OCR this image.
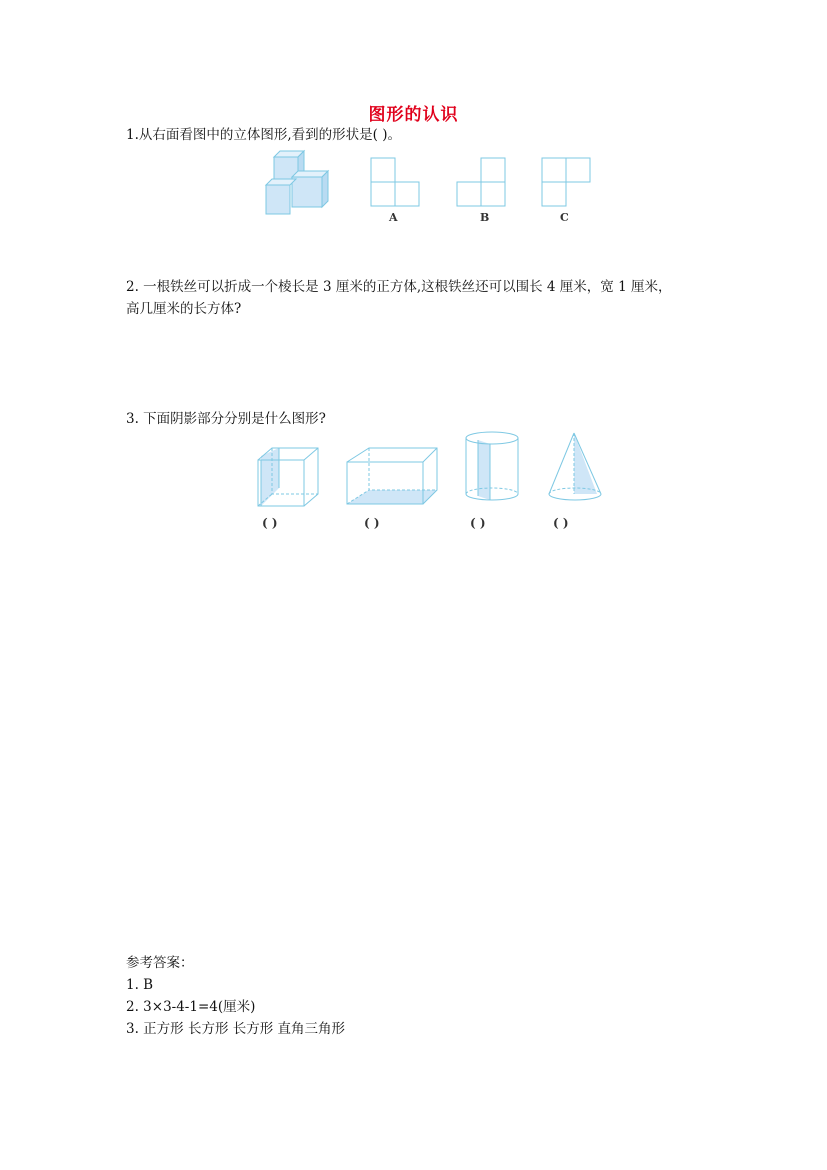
图形的认识
1.从右面看图中的立体图形,看到的形状是( )。
A	B	C
2. 一根铁丝可以折成一个棱长是 3 厘米的正方体,这根铁丝还可以围长 4 厘米，宽 1 厘米，
高几厘米的长方体?
3. 下面阴影部分分别是什么图形?
( )	( )	( )	( )
参考答案：
1. B
2. 3×3-4-1=4(厘米)
3. 正方形 长方形 长方形 直角三角形
